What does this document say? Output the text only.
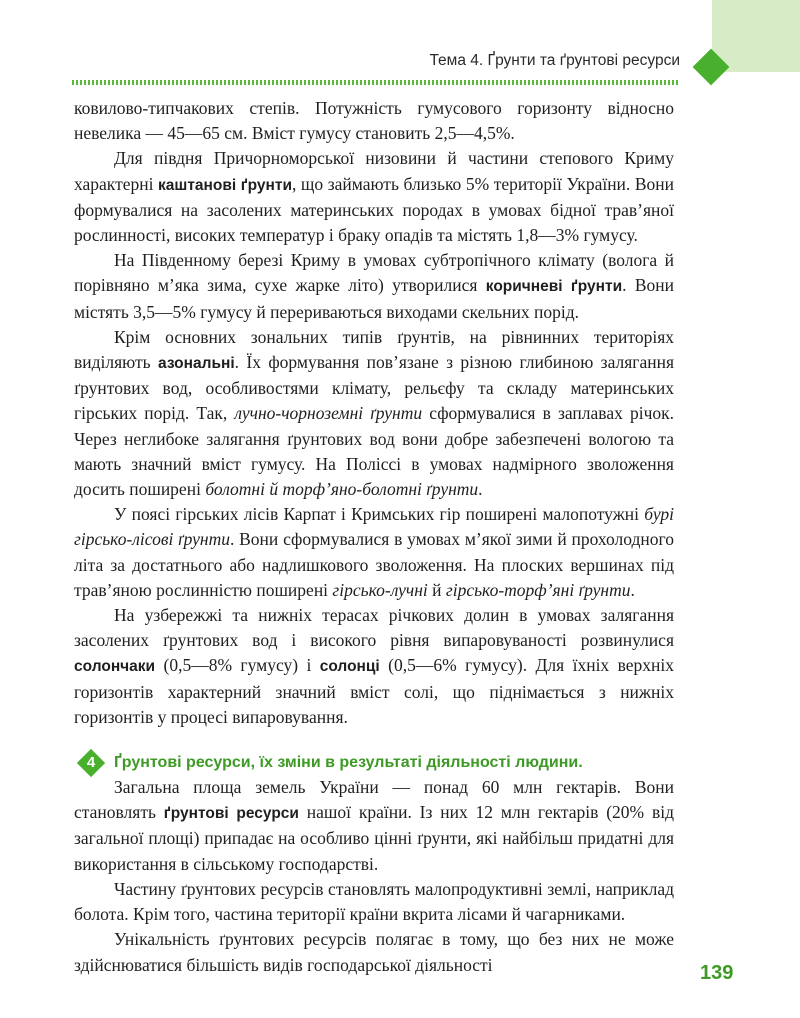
Тема 4. Ґрунти та ґрунтові ресурси

ковилово-типчакових степів. Потужність гумусового горизонту відносно невелика — 45—65 см. Вміст гумусу становить 2,5—4,5%.

Для півдня Причорноморської низовини й частини степового Криму характерні каштанові ґрунти, що займають близько 5% території України. Вони формувалися на засолених материнських породах в умовах бідної трав’яної рослинності, високих температур і браку опадів та містять 1,8—3% гумусу.

На Південному березі Криму в умовах субтропічного клімату (волога й порівняно м’яка зима, сухе жарке літо) утворилися коричневі ґрунти. Вони містять 3,5—5% гумусу й перериваються виходами скельних порід.

Крім основних зональних типів ґрунтів, на рівнинних територіях виділяють азональні. Їх формування пов’язане з різною глибиною залягання ґрунтових вод, особливостями клімату, рельєфу та складу материнських гірських порід. Так, лучно-чорноземні ґрунти сформувалися в заплавах річок. Через неглибоке залягання ґрунтових вод вони добре забезпечені вологою та мають значний вміст гумусу. На Поліссі в умовах надмірного зволоження досить поширені болотні й торф’яно-болотні ґрунти.

У поясі гірських лісів Карпат і Кримських гір поширені малопотужні бурі гірсько-лісові ґрунти. Вони сформувалися в умовах м’якої зими й прохолодного літа за достатнього або надлишкового зволоження. На плоских вершинах під трав’яною рослинністю поширені гірсько-лучні й гірсько-торф’яні ґрунти.

На узбережжі та нижніх терасах річкових долин в умовах залягання засолених ґрунтових вод і високого рівня випаровуваності розвинулися солончаки (0,5—8% гумусу) і солонці (0,5—6% гумусу). Для їхніх верхніх горизонтів характерний значний вміст солі, що піднімається з нижніх горизонтів у процесі випаровування.

4	Ґрунтові ресурси, їх зміни в результаті діяльності людини.

Загальна площа земель України — понад 60 млн гектарів. Вони становлять ґрунтові ресурси нашої країни. Із них 12 млн гектарів (20% від загальної площі) припадає на особливо цінні ґрунти, які найбільш придатні для використання в сільському господарстві.

Частину ґрунтових ресурсів становлять малопродуктивні землі, наприклад болота. Крім того, частина території країни вкрита лісами й чагарниками.

Унікальність ґрунтових ресурсів полягає в тому, що без них не може здійснюватися більшість видів господарської діяльності	139
